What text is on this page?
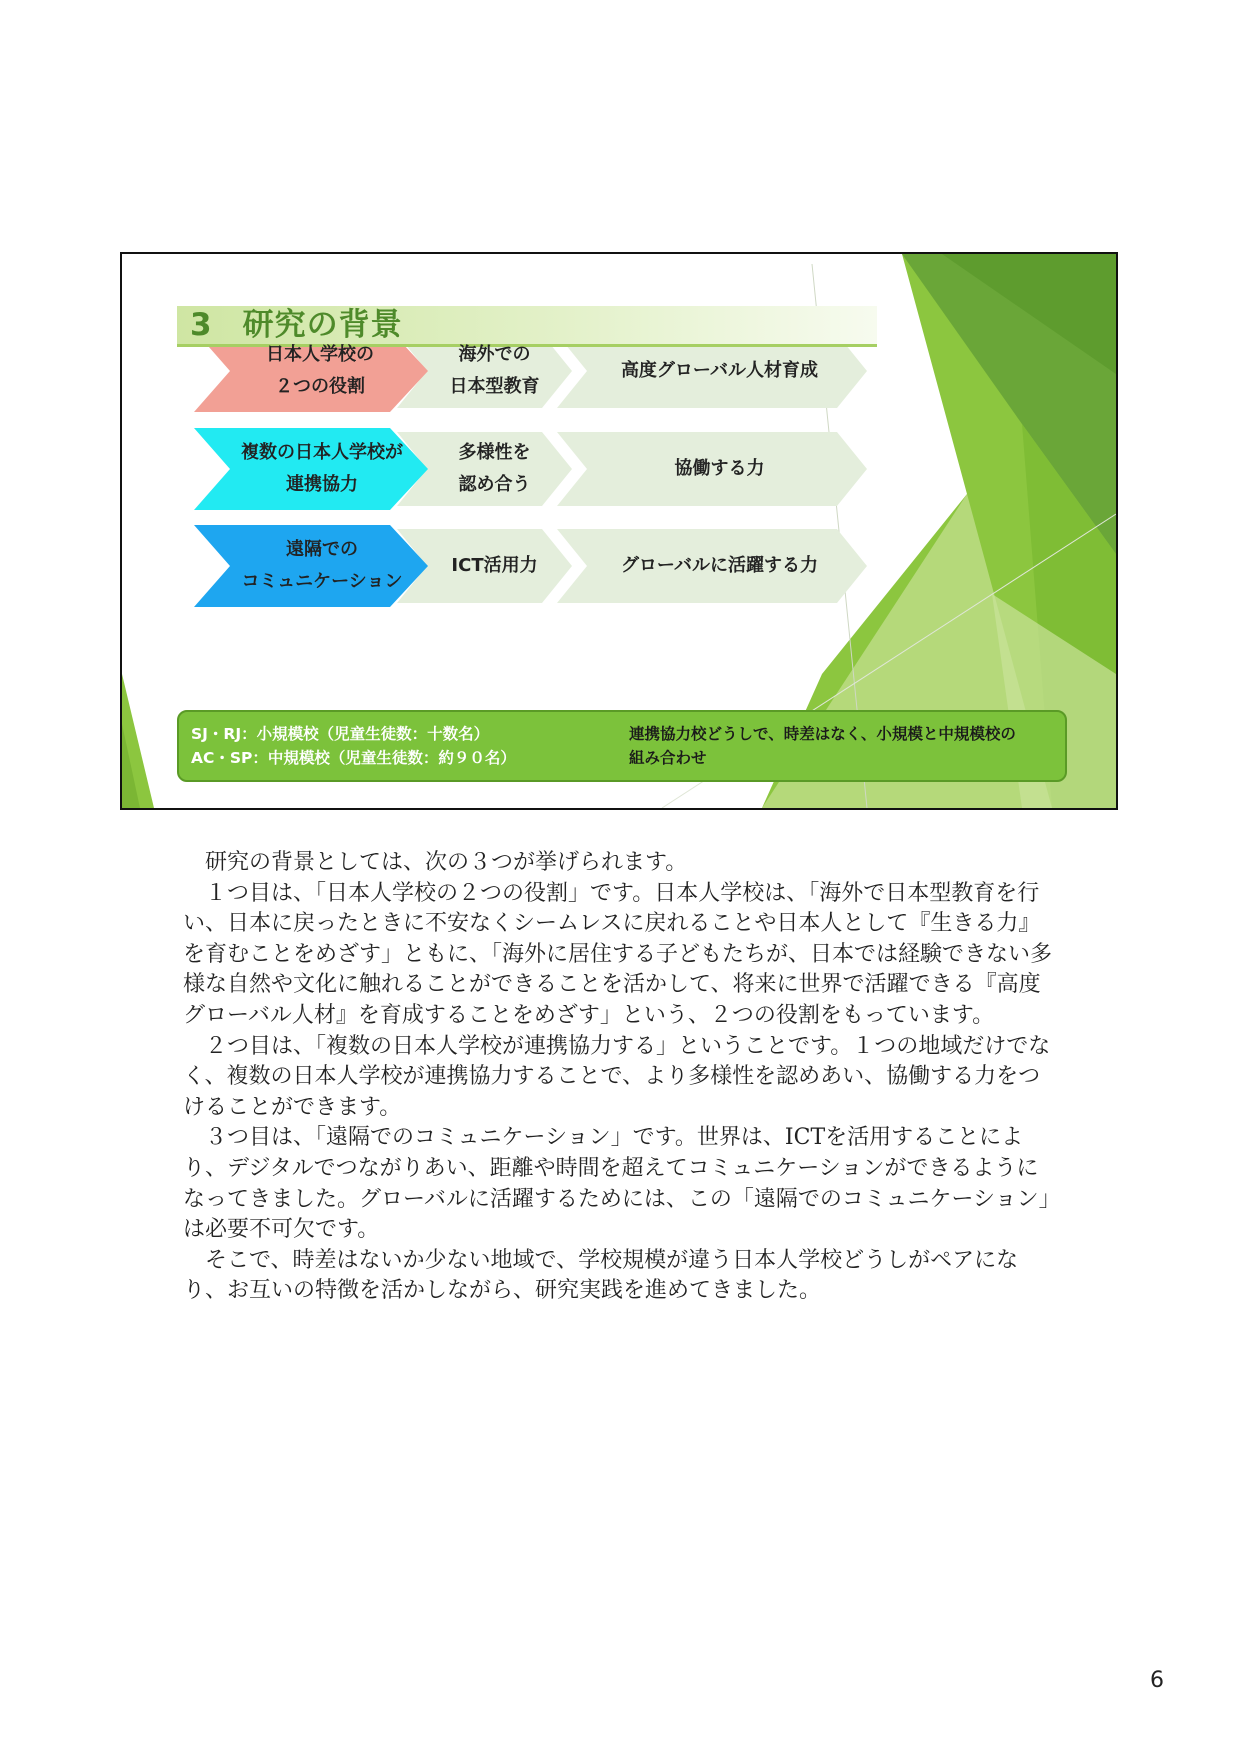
3 研究の背景
日本人学校の
２つの役割
海外での
日本型教育
高度グローバル人材育成
複数の日本人学校が
連携協力
多様性を
認め合う
協働する力
遠隔での
コミュニケーション
ICT活用力	グローバルに活躍する力
SJ・RJ：小規模校（児童生徒数：十数名）
AC・SP：中規模校（児童生徒数：約９０名）
連携協力校どうしで、時差はなく、小規模と中規模校の
組み合わせ

研究の背景としては、次の３つが挙げられます。

１つ目は、「日本人学校の２つの役割」です。日本人学校は、「海外で日本型教育を行い、日本に戻ったときに不安なくシームレスに戻れることや日本人として『生きる力』を育むことをめざす」ともに、「海外に居住する子どもたちが、日本では経験できない多様な自然や文化に触れることができることを活かして、将来に世界で活躍できる『高度グローバル人材』を育成することをめざす」という、２つの役割をもっています。

２つ目は、「複数の日本人学校が連携協力する」ということです。１つの地域だけでなく、複数の日本人学校が連携協力することで、より多様性を認めあい、協働する力をつけることができます。

３つ目は、「遠隔でのコミュニケーション」です。世界は、ICTを活用することにより、デジタルでつながりあい、距離や時間を超えてコミュニケーションができるようになってきました。グローバルに活躍するためには、この「遠隔でのコミュニケーション」は必要不可欠です。

そこで、時差はないか少ない地域で、学校規模が違う日本人学校どうしがペアになり、お互いの特徴を活かしながら、研究実践を進めてきました。

6
